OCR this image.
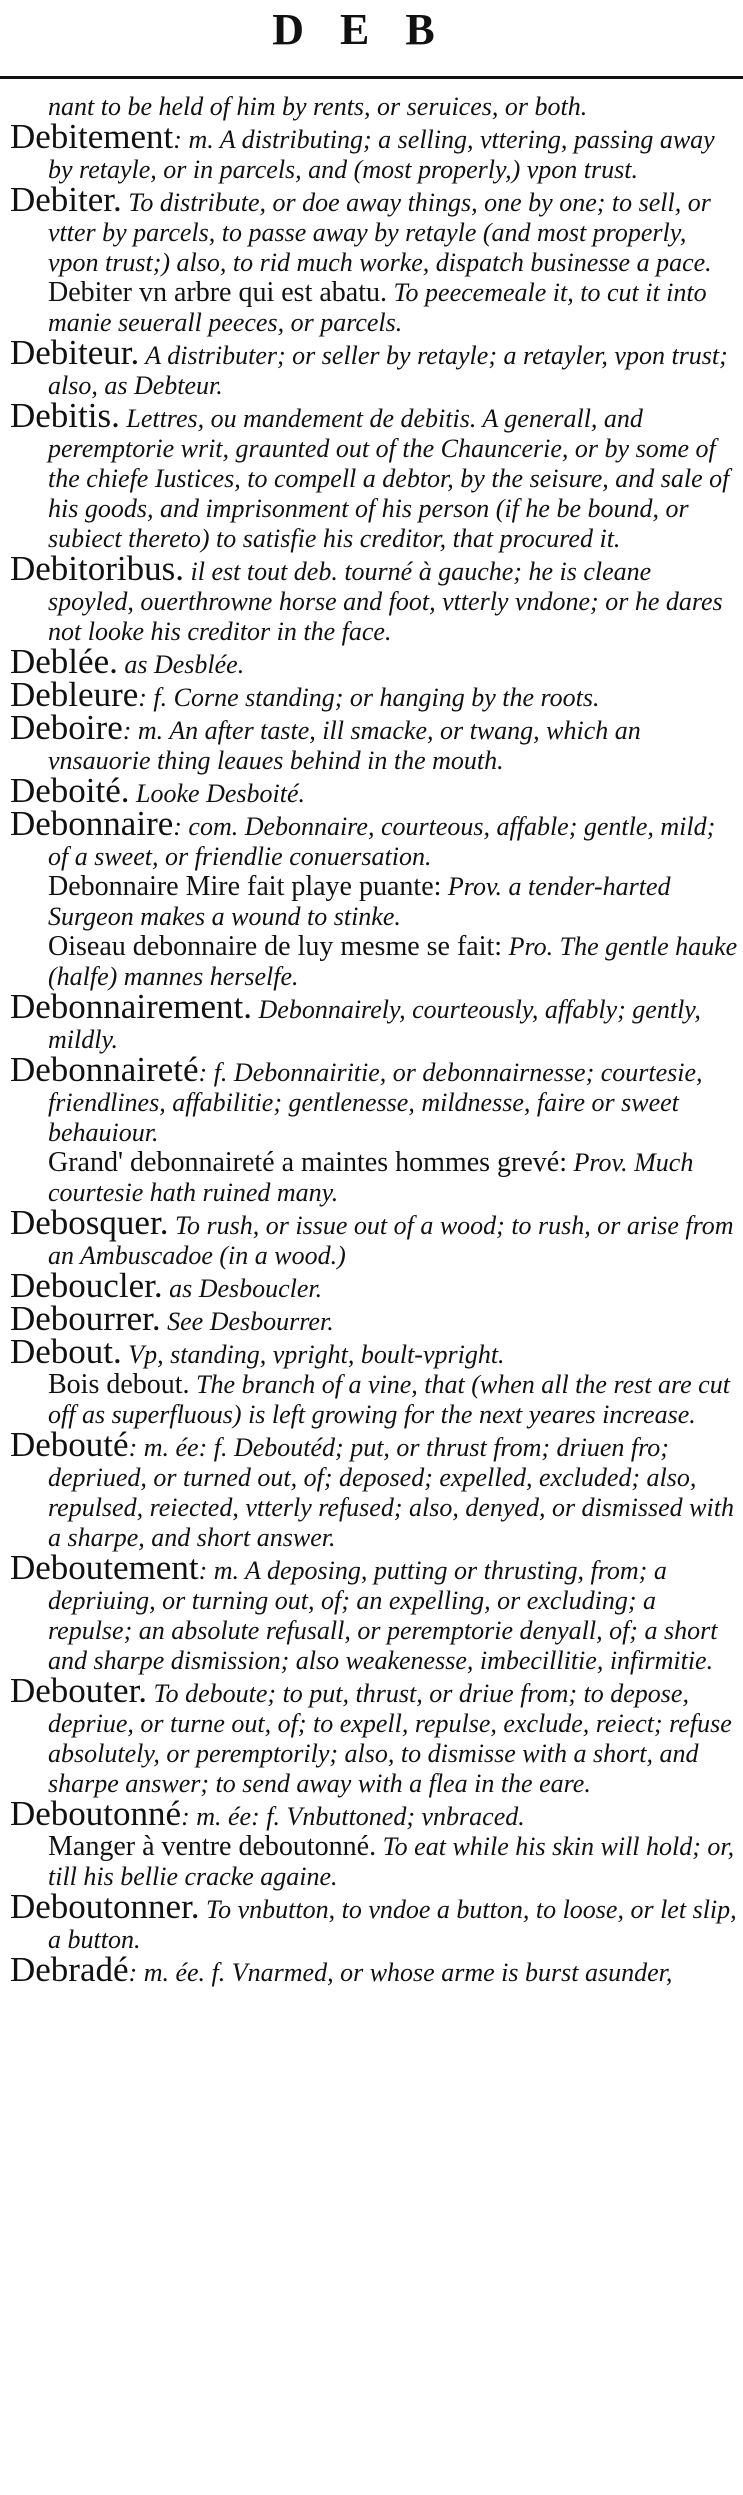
DEB

nant to be held of him by rents, or seruices, or both.

Debitement: m. A distributing; a selling, vttering, passing away by retayle, or in parcels, and (most properly,) vpon trust.

Debiter. To distribute, or doe away things, one by one; to sell, or vtter by parcels, to passe away by retayle (and most properly, vpon trust;) also, to rid much worke, dispatch businesse a pace.

Debiter vn arbre qui est abatu. To peecemeale it, to cut it into manie seuerall peeces, or parcels.

Debiteur. A distributer; or seller by retayle; a retayler, vpon trust; also, as Debteur.

Debitis. Lettres, ou mandement de debitis. A generall, and peremptorie writ, graunted out of the Chauncerie, or by some of the chiefe Iustices, to compell a debtor, by the seisure, and sale of his goods, and imprisonment of his person (if he be bound, or subiect thereto) to satisfie his creditor, that procured it.

Debitoribus. il est tout deb. tourné à gauche; he is cleane spoyled, ouerthrowne horse and foot, vtterly vndone; or he dares not looke his creditor in the face.

Deblée. as Desblée.

Debleure: f. Corne standing; or hanging by the roots.

Deboire: m. An after taste, ill smacke, or twang, which an vnsauorie thing leaues behind in the mouth.

Deboité. Looke Desboité.

Debonnaire: com. Debonnaire, courteous, affable; gentle, mild; of a sweet, or friendlie conuersation.

Debonnaire Mire fait playe puante: Prov. a tender-harted Surgeon makes a wound to stinke.

Oiseau debonnaire de luy mesme se fait: Pro. The gentle hauke (halfe) mannes herselfe.

Debonnairement. Debonnairely, courteously, affably; gently, mildly.

Debonnaireté: f. Debonnairitie, or debonnairnesse; courtesie, friendlines, affabilitie; gentlenesse, mildnesse, faire or sweet behauiour.

Grand' debonnaireté a maintes hommes grevé: Prov. Much courtesie hath ruined many.

Debosquer. To rush, or issue out of a wood; to rush, or arise from an Ambuscadoe (in a wood.)

Deboucler. as Desboucler.

Debourrer. See Desbourrer.

Debout. Vp, standing, vpright, boult-vpright.

Bois debout. The branch of a vine, that (when all the rest are cut off as superfluous) is left growing for the next yeares increase.

Debouté: m. ée: f. Deboutéd; put, or thrust from; driuen fro; depriued, or turned out, of; deposed; expelled, excluded; also, repulsed, reiected, vtterly refused; also, denyed, or dismissed with a sharpe, and short answer.

Deboutement: m. A deposing, putting or thrusting, from; a depriuing, or turning out, of; an expelling, or excluding; a repulse; an absolute refusall, or peremptorie denyall, of; a short and sharpe dismission; also weakenesse, imbecillitie, infirmitie.

Debouter. To deboute; to put, thrust, or driue from; to depose, depriue, or turne out, of; to expell, repulse, exclude, reiect; refuse absolutely, or peremptorily; also, to dismisse with a short, and sharpe answer; to send away with a flea in the eare.

Deboutonné: m. ée: f. Vnbuttoned; vnbraced.

Manger à ventre deboutonné. To eat while his skin will hold; or, till his bellie cracke againe.

Deboutonner. To vnbutton, to vndoe a button, to loose, or let slip, a button.

Debradé: m. ée. f. Vnarmed, or whose arme is burst asunder,
